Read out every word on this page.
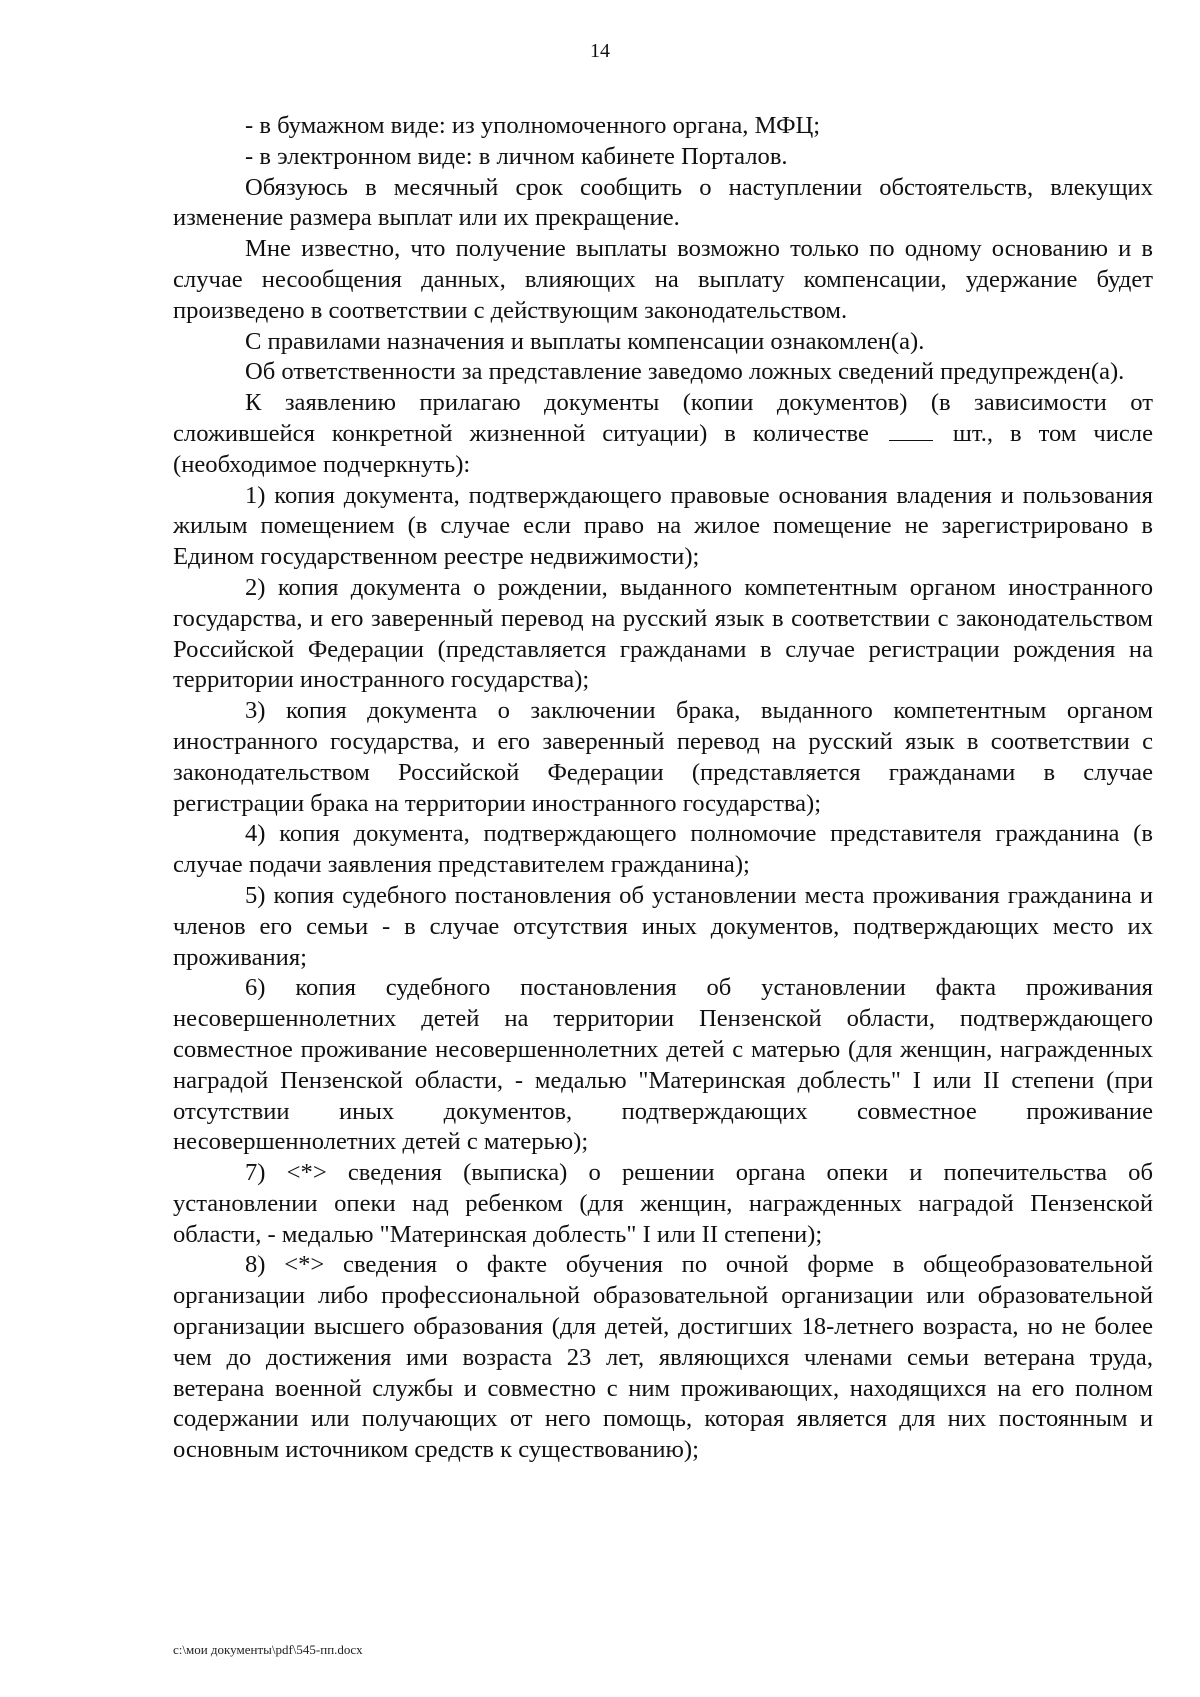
14

- в бумажном виде: из уполномоченного органа, МФЦ;

- в электронном виде: в личном кабинете Порталов.

Обязуюсь в месячный срок сообщить о наступлении обстоятельств, влекущих изменение размера выплат или их прекращение.

Мне известно, что получение выплаты возможно только по одному основанию и в случае несообщения данных, влияющих на выплату компенсации, удержание будет произведено в соответствии с действующим законодательством.

С правилами назначения и выплаты компенсации ознакомлен(а).

Об ответственности за представление заведомо ложных сведений предупрежден(а).

К заявлению прилагаю документы (копии документов) (в зависимости от сложившейся конкретной жизненной ситуации) в количестве	шт., в том числе (необходимое подчеркнуть):

1) копия документа, подтверждающего правовые основания владения и пользования жилым помещением (в случае если право на жилое помещение не зарегистрировано в Едином государственном реестре недвижимости);

2) копия документа о рождении, выданного компетентным органом иностранного государства, и его заверенный перевод на русский язык в соответствии с законодательством Российской Федерации (представляется гражданами в случае регистрации рождения на территории иностранного государства);

3) копия документа о заключении брака, выданного компетентным органом иностранного государства, и его заверенный перевод на русский язык в соответствии с законодательством Российской Федерации (представляется гражданами в случае регистрации брака на территории иностранного государства);

4) копия документа, подтверждающего полномочие представителя гражданина (в случае подачи заявления представителем гражданина);

5) копия судебного постановления об установлении места проживания гражданина и членов его семьи - в случае отсутствия иных документов, подтверждающих место их проживания;

6) копия судебного постановления об установлении факта проживания несовершеннолетних детей на территории Пензенской области, подтверждающего совместное проживание несовершеннолетних детей с матерью (для женщин, награжденных наградой Пензенской области, - медалью "Материнская доблесть" I или II степени (при отсутствии иных документов, подтверждающих совместное проживание несовершеннолетних детей с матерью);

7) <*> сведения (выписка) о решении органа опеки и попечительства об установлении опеки над ребенком (для женщин, награжденных наградой Пензенской области, - медалью "Материнская доблесть" I или II степени);

8) <*> сведения о факте обучения по очной форме в общеобразовательной организации либо профессиональной образовательной организации или образовательной организации высшего образования (для детей, достигших 18-летнего возраста, но не более чем до достижения ими возраста 23 лет, являющихся членами семьи ветерана труда, ветерана военной службы и совместно с ним проживающих, находящихся на его полном содержании или получающих от него помощь, которая является для них постоянным и основным источником средств к существованию);

c:\мои документы\pdf\545-пп.docx
